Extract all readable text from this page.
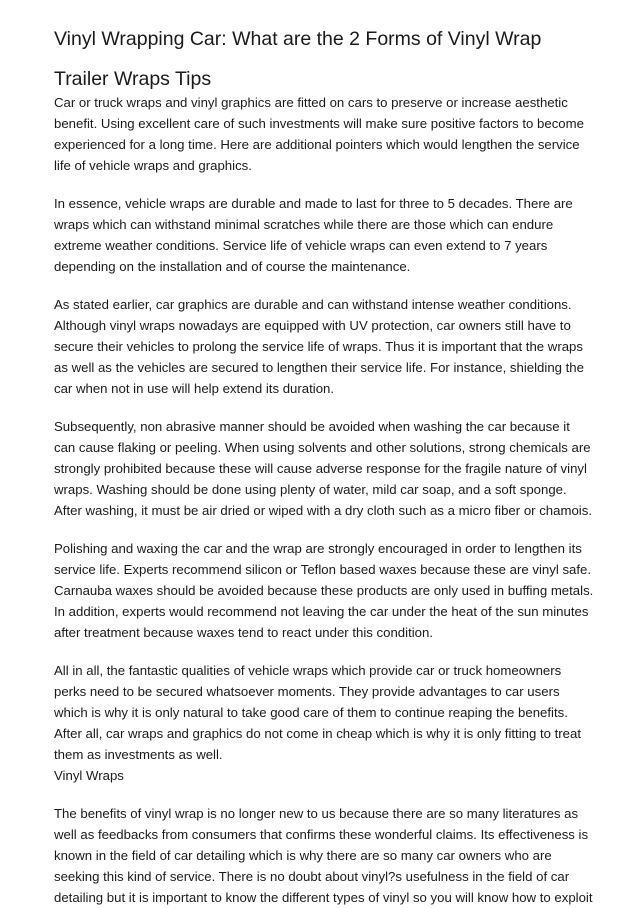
Vinyl Wrapping Car: What are the 2 Forms of Vinyl Wrap
Trailer Wraps Tips

Car or truck wraps and vinyl graphics are fitted on cars to preserve or increase aesthetic benefit. Using excellent care of such investments will make sure positive factors to become experienced for a long time. Here are additional pointers which would lengthen the service life of vehicle wraps and graphics.

In essence, vehicle wraps are durable and made to last for three to 5 decades. There are wraps which can withstand minimal scratches while there are those which can endure extreme weather conditions. Service life of vehicle wraps can even extend to 7 years depending on the installation and of course the maintenance.

As stated earlier, car graphics are durable and can withstand intense weather conditions. Although vinyl wraps nowadays are equipped with UV protection, car owners still have to secure their vehicles to prolong the service life of wraps. Thus it is important that the wraps as well as the vehicles are secured to lengthen their service life. For instance, shielding the car when not in use will help extend its duration.

Subsequently, non abrasive manner should be avoided when washing the car because it can cause flaking or peeling. When using solvents and other solutions, strong chemicals are strongly prohibited because these will cause adverse response for the fragile nature of vinyl wraps. Washing should be done using plenty of water, mild car soap, and a soft sponge. After washing, it must be air dried or wiped with a dry cloth such as a micro fiber or chamois.

Polishing and waxing the car and the wrap are strongly encouraged in order to lengthen its service life. Experts recommend silicon or Teflon based waxes because these are vinyl safe. Carnauba waxes should be avoided because these products are only used in buffing metals. In addition, experts would recommend not leaving the car under the heat of the sun minutes after treatment because waxes tend to react under this condition.

All in all, the fantastic qualities of vehicle wraps which provide car or truck homeowners perks need to be secured whatsoever moments. They provide advantages to car users which is why it is only natural to take good care of them to continue reaping the benefits. After all, car wraps and graphics do not come in cheap which is why it is only fitting to treat them as investments as well.

Vinyl Wraps

The benefits of vinyl wrap is no longer new to us because there are so many literatures as well as feedbacks from consumers that confirms these wonderful claims. Its effectiveness is known in the field of car detailing which is why there are so many car owners who are seeking this kind of service. There is no doubt about vinyl?s usefulness in the field of car detailing but it is important to know the different types of vinyl so you will know how to exploit
